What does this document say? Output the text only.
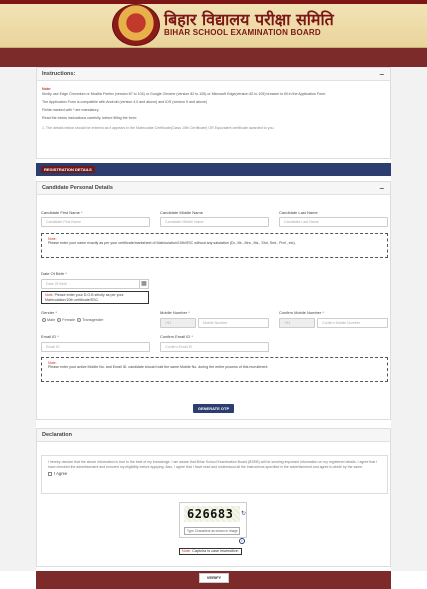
बिहार विद्यालय परीक्षा समिति
BIHAR SCHOOL EXAMINATION BOARD
Instructions:	−
Note:
Kindly use Edge Chromium or Mozilla Firefox (version 87 to 104) or Google Chrome (version 82 to 105) or Microsoft Edge(version 82 to 105) browser to fill in the Application Form.
The Application Form is compatible with Android (version 4.0 and above) and iOS (version 9 and above)
Fields marked with * are mandatory.
Read the below instructions carefully, before filling the form:
1. The details below should be entered as it appears in the Matriculate Certificate(Class 10th Certificate) OR Equivalent certificate awarded to you.
REGISTRATION DETAILS
Candidate Personal Details	−
Candidate First Name *
Candidate First Name
Candidate Middle Name
Candidate Middle Name
Candidate Last Name
Candidate Last Name
Note:
Please enter your name exactly as per your certificate/marksheet of Matriculation/10th/SSC without any salutation (Dr., Mr., Mrs., Ms., Shri, Smt., Prof., etc).
Date Of Birth *
Date Of Birth	▦
Note: Please enter your D.O.B strictly as per your Matriculation/10th certificate/SSC.
Gender *
Male Female Transgender
Mobile Number *
+91	Mobile Number
Confirm Mobile Number *
+91	Confirm Mobile Number
Email ID *
Email ID
Confirm Email ID *
Confirm Email ID
Note:
Please enter your active Mobile No. and Email ID. candidate should hold the same Mobile No. during the entire process of this recruitment.
GENERATE OTP
Declaration
I hereby declare that the above information is true to the best of my knowledge. I am aware that Bihar School Examination Board (BSEB) will be sending important information on my registered details. I agree that I have checked the advertisement and ensured my eligibility before applying. Also, I agree that I have read and understood all the instructions specified in the advertisement and agree to abide by the same.
I Agree
626683	↻
Type Characters as shown in image
i
Note: Captcha is case insensitive.
VERIFY
